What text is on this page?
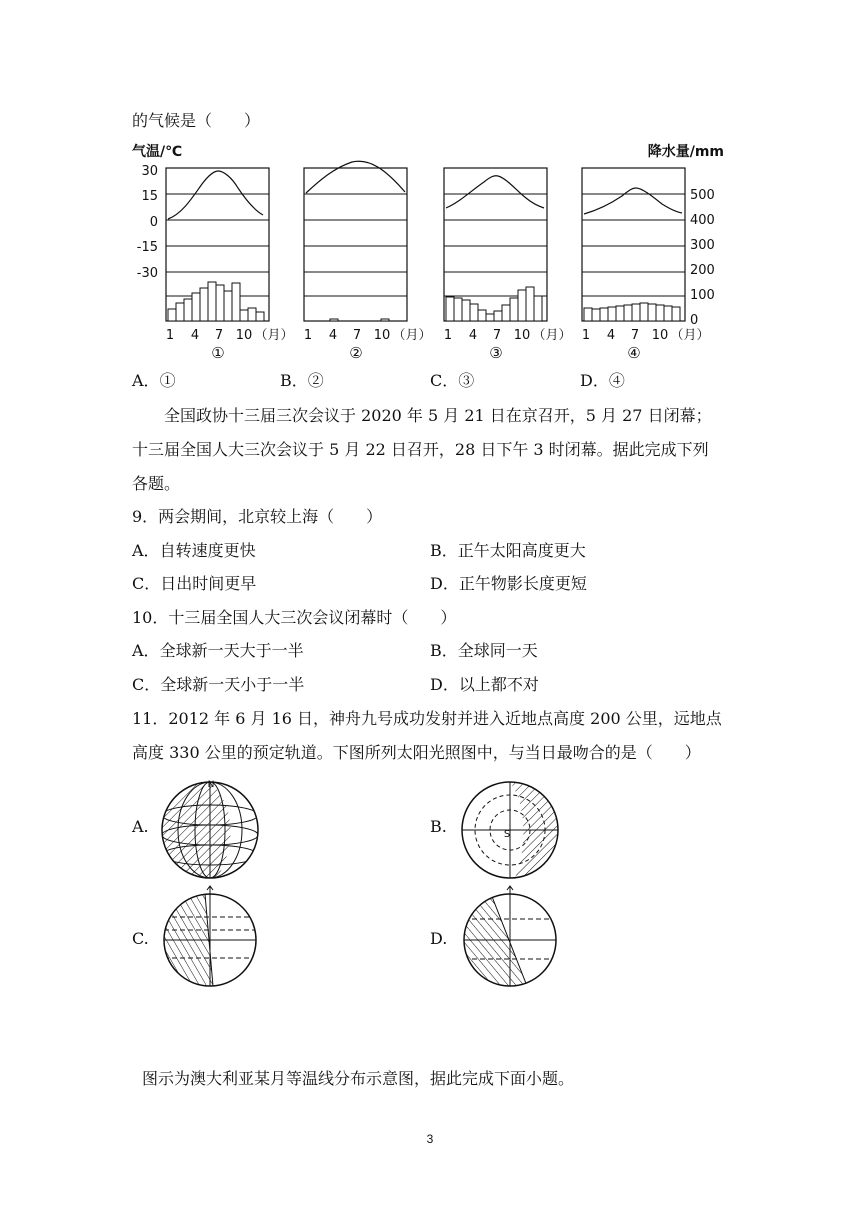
的气候是（　　）
气温/℃	降水量/mm
30
15
0
-15
-30
500
400
300
200
100
0
1 4 7 10 （月）
①
1 4 7 10 （月）
②
1 4 7 10 （月）
③
1 4 7 10 （月）
④
A．①	B．②	C．③	D．④
全国政协十三届三次会议于 2020 年 5 月 21 日在京召开，5 月 27 日闭幕；
十三届全国人大三次会议于 5 月 22 日召开，28 日下午 3 时闭幕。据此完成下列
各题。
9．两会期间，北京较上海（　　）
A．自转速度更快	B．正午太阳高度更大
C．日出时间更早	D．正午物影长度更短
10．十三届全国人大三次会议闭幕时（　　）
A．全球新一天大于一半	B．全球同一天
C．全球新一天小于一半	D．以上都不对
11．2012 年 6 月 16 日，神舟九号成功发射并进入近地点高度 200 公里，远地点
高度 330 公里的预定轨道。下图所列太阳光照图中，与当日最吻合的是（　　）
A.	B.
C.	D.
N
S
图示为澳大利亚某月等温线分布示意图，据此完成下面小题。
3
